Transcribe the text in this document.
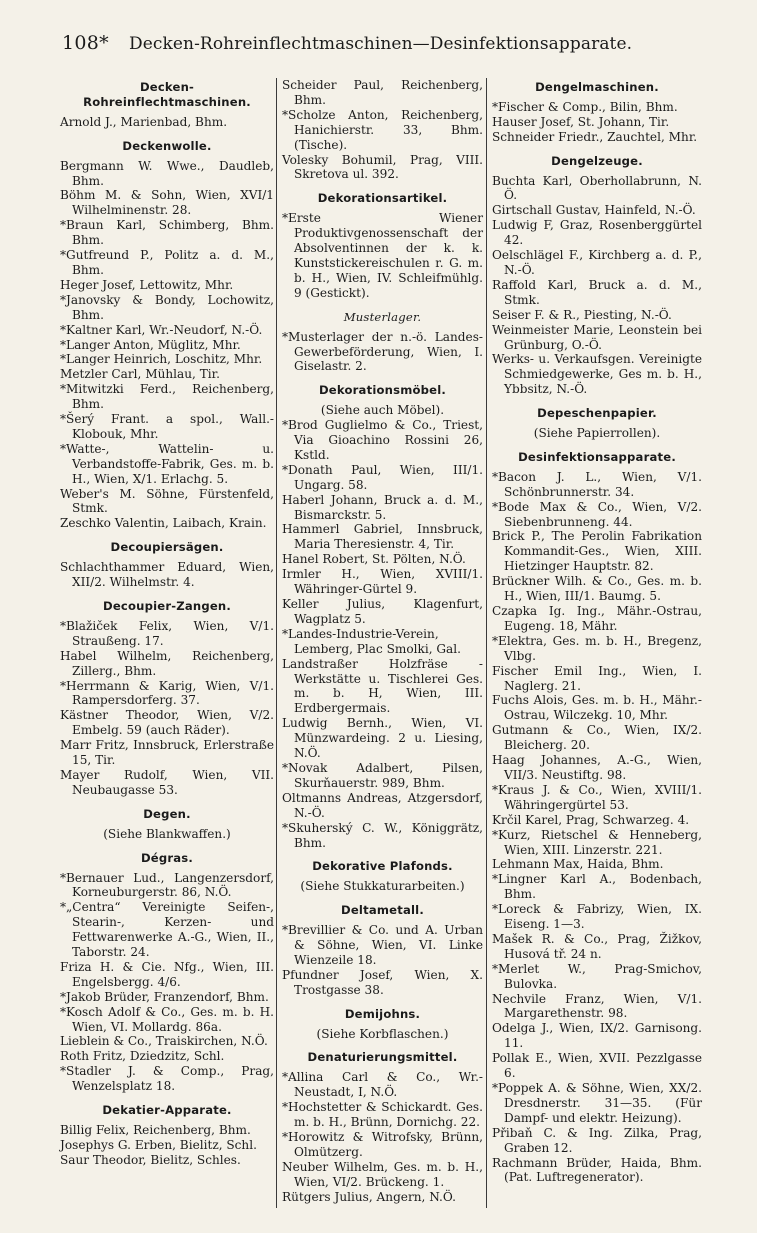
108* Decken-Rohreinflechtmaschinen—Desinfektionsapparate.
Decken-Rohreinflechtmaschinen.

Arnold J., Marienbad, Bhm.

Deckenwolle.

Bergmann W. Wwe., Daudleb, Bhm.

Böhm M. & Sohn, Wien, XVI/1 Wilhelminenstr. 28.

*Braun Karl, Schimberg, Bhm. Bhm.

*Gutfreund P., Politz a. d. M., Bhm.

Heger Josef, Lettowitz, Mhr.

*Janovsky & Bondy, Lochowitz, Bhm.

*Kaltner Karl, Wr.-Neudorf, N.-Ö.

*Langer Anton, Müglitz, Mhr.

*Langer Heinrich, Loschitz, Mhr.

Metzler Carl, Mühlau, Tir.

*Mitwitzki Ferd., Reichenberg, Bhm.

*Šerý Frant. a spol., Wall.-Klobouk, Mhr.

*Watte-, Wattelin- u. Verbandstoffe-Fabrik, Ges. m. b. H., Wien, X/1. Erlachg. 5.

Weber's M. Söhne, Fürstenfeld, Stmk.

Zeschko Valentin, Laibach, Krain.

Decoupiersägen.

Schlachthammer Eduard, Wien, XII/2. Wilhelmstr. 4.

Decoupier-Zangen.

*Blažiček Felix, Wien, V/1. Straußeng. 17.

Habel Wilhelm, Reichenberg, Zillerg., Bhm.

*Herrmann & Karig, Wien, V/1. Rampersdorferg. 37.

Kästner Theodor, Wien, V/2. Embelg. 59 (auch Räder).

Marr Fritz, Innsbruck, Erlerstraße 15, Tir.

Mayer Rudolf, Wien, VII. Neubaugasse 53.

Degen.

(Siehe Blankwaffen.)

Dégras.

*Bernauer Lud., Langenzersdorf, Korneuburgerstr. 86, N.Ö.

*„Centra“ Vereinigte Seifen-, Stearin-, Kerzen- und Fettwarenwerke A.-G., Wien, II., Taborstr. 24.

Friza H. & Cie. Nfg., Wien, III. Engelsbergg. 4/6.

*Jakob Brüder, Franzendorf, Bhm.

*Kosch Adolf & Co., Ges. m. b. H. Wien, VI. Mollardg. 86a.

Lieblein & Co., Traiskirchen, N.Ö.

Roth Fritz, Dziedzitz, Schl.

*Stadler J. & Comp., Prag, Wenzelsplatz 18.

Dekatier-Apparate.

Billig Felix, Reichenberg, Bhm.

Josephys G. Erben, Bielitz, Schl.

Saur Theodor, Bielitz, Schles.

Scheider Paul, Reichenberg, Bhm.

*Scholze Anton, Reichenberg, Hanichierstr. 33, Bhm. (Tische).

Volesky Bohumil, Prag, VIII. Skretova ul. 392.

Dekorationsartikel.

*Erste Wiener Produktivgenossenschaft der Absolventinnen der k. k. Kunststickereischulen r. G. m. b. H., Wien, IV. Schleifmühlg. 9 (Gestickt).

Musterlager.

*Musterlager der n.-ö. Landes-Gewerbeförderung, Wien, I. Giselastr. 2.

Dekorationsmöbel.

(Siehe auch Möbel).

*Brod Guglielmo & Co., Triest, Via Gioachino Rossini 26, Kstld.

*Donath Paul, Wien, III/1. Ungarg. 58.

Haberl Johann, Bruck a. d. M., Bismarckstr. 5.

Hammerl Gabriel, Innsbruck, Maria Theresienstr. 4, Tir.

Hanel Robert, St. Pölten, N.Ö.

Irmler H., Wien, XVIII/1. Währinger-Gürtel 9.

Keller Julius, Klagenfurt, Wagplatz 5.

*Landes-Industrie-Verein, Lemberg, Plac Smolki, Gal.

Landstraßer Holzfräse - Werkstätte u. Tischlerei Ges. m. b. H, Wien, III. Erdbergermais.

Ludwig Bernh., Wien, VI. Münzwardeing. 2 u. Liesing, N.Ö.

*Novak Adalbert, Pilsen, Skurňauerstr. 989, Bhm.

Oltmanns Andreas, Atzgersdorf, N.-Ö.

*Skuherský C. W., Königgrätz, Bhm.

Dekorative Plafonds.

(Siehe Stukkaturarbeiten.)

Deltametall.

*Brevillier & Co. und A. Urban & Söhne, Wien, VI. Linke Wienzeile 18.

Pfundner Josef, Wien, X. Trostgasse 38.

Demijohns.

(Siehe Korbflaschen.)

Denaturierungsmittel.

*Allina Carl & Co., Wr.-Neustadt, I, N.Ö.

*Hochstetter & Schickardt. Ges. m. b. H., Brünn, Dornichg. 22.

*Horowitz & Witrofsky, Brünn, Olmützerg.

Neuber Wilhelm, Ges. m. b. H., Wien, VI/2. Brückeng. 1.

Rütgers Julius, Angern, N.Ö.

Dengelmaschinen.

*Fischer & Comp., Bilin, Bhm.

Hauser Josef, St. Johann, Tir.

Schneider Friedr., Zauchtel, Mhr.

Dengelzeuge.

Buchta Karl, Oberhollabrunn, N. Ö.

Girtschall Gustav, Hainfeld, N.-Ö.

Ludwig F, Graz, Rosenberggürtel 42.

Oelschlägel F., Kirchberg a. d. P., N.-Ö.

Raffold Karl, Bruck a. d. M., Stmk.

Seiser F. & R., Piesting, N.-Ö.

Weinmeister Marie, Leonstein bei Grünburg, O.-Ö.

Werks- u. Verkaufsgen. Vereinigte Schmiedgewerke, Ges m. b. H., Ybbsitz, N.-Ö.

Depeschenpapier.

(Siehe Papierrollen).

Desinfektionsapparate.

*Bacon J. L., Wien, V/1. Schönbrunnerstr. 34.

*Bode Max & Co., Wien, V/2. Siebenbrunneng. 44.

Brick P., The Perolin Fabrikation Kommandit-Ges., Wien, XIII. Hietzinger Hauptstr. 82.

Brückner Wilh. & Co., Ges. m. b. H., Wien, III/1. Baumg. 5.

Czapka Ig. Ing., Mähr.-Ostrau, Eugeng. 18, Mähr.

*Elektra, Ges. m. b. H., Bregenz, Vlbg.

Fischer Emil Ing., Wien, I. Naglerg. 21.

Fuchs Alois, Ges. m. b. H., Mähr.-Ostrau, Wilczekg. 10, Mhr.

Gutmann & Co., Wien, IX/2. Bleicherg. 20.

Haag Johannes, A.-G., Wien, VII/3. Neustiftg. 98.

*Kraus J. & Co., Wien, XVIII/1. Währingergürtel 53.

Krčil Karel, Prag, Schwarzeg. 4.

*Kurz, Rietschel & Henneberg, Wien, XIII. Linzerstr. 221.

Lehmann Max, Haida, Bhm.

*Lingner Karl A., Bodenbach, Bhm.

*Loreck & Fabrizy, Wien, IX. Eiseng. 1—3.

Mašek R. & Co., Prag, Žižkov, Husová tř. 24 n.

*Merlet W., Prag-Smichov, Bulovka.

Nechvile Franz, Wien, V/1. Margarethenstr. 98.

Odelga J., Wien, IX/2. Garnisong. 11.

Pollak E., Wien, XVII. Pezzlgasse 6.

*Poppek A. & Söhne, Wien, XX/2. Dresdnerstr. 31—35. (Für Dampf- und elektr. Heizung).

Přibaň C. & Ing. Zilka, Prag, Graben 12.

Rachmann Brüder, Haida, Bhm. (Pat. Luftregenerator).
